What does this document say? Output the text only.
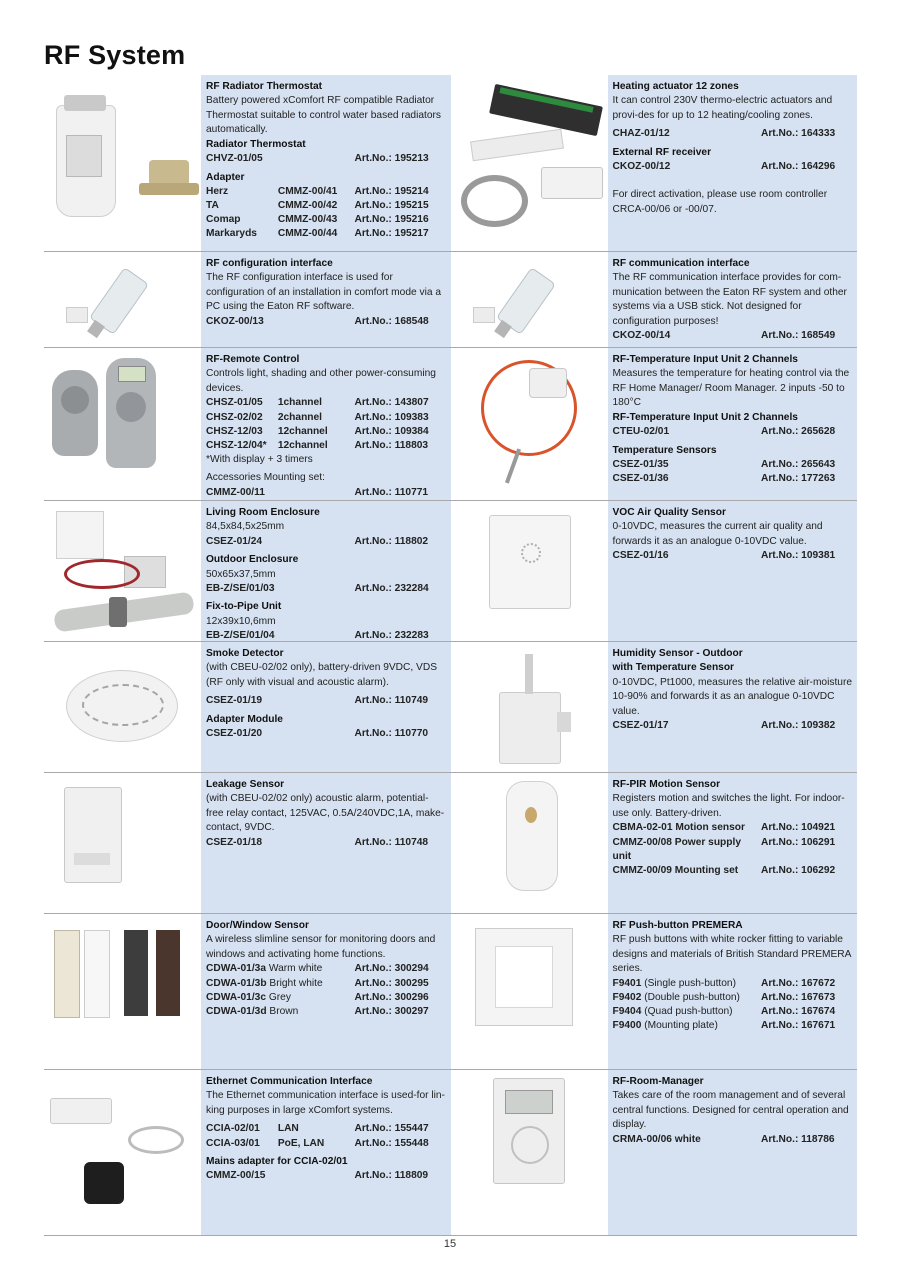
RF System
RF Radiator Thermostat
Battery powered xComfort RF compatible Radiator Thermostat suitable to control water based radiators automatically.
Radiator Thermostat
CHVZ-01/05	Art.No.: 195213
Adapter
Herz	CMMZ-00/41	Art.No.: 195214
TA	CMMZ-00/42	Art.No.: 195215
Comap	CMMZ-00/43	Art.No.: 195216
Markaryds	CMMZ-00/44	Art.No.: 195217
Heating actuator 12 zones
It can control 230V thermo-electric actuators and provi-des for up to 12 heating/cooling zones.
CHAZ-01/12	Art.No.: 164333
External RF receiver
CKOZ-00/12	Art.No.: 164296
For direct activation, please use room controller CRCA-00/06 or -00/07.
RF configuration interface
The RF configuration interface is used for configuration of an installation in comfort mode via a PC using the Eaton RF software.
CKOZ-00/13	Art.No.: 168548
RF communication interface
The RF communication interface provides for com-munication between the Eaton RF system and other systems via a USB stick. Not designed for configuration purposes!
CKOZ-00/14	Art.No.: 168549
RF-Remote Control
Controls light, shading and other power-consuming devices.
CHSZ-01/05	1channel	Art.No.: 143807
CHSZ-02/02	2channel	Art.No.: 109383
CHSZ-12/03	12channel	Art.No.: 109384
CHSZ-12/04*	12channel	Art.No.: 118803
*With display + 3 timers
Accessories Mounting set:
CMMZ-00/11	Art.No.: 110771
RF-Temperature Input Unit 2 Channels
Measures the temperature for heating control via the RF Home Manager/ Room Manager. 2 inputs -50 to 180°C
RF-Temperature Input Unit 2 Channels
CTEU-02/01	Art.No.: 265628
Temperature Sensors
CSEZ-01/35	Art.No.: 265643
CSEZ-01/36	Art.No.: 177263
Living Room Enclosure
84,5x84,5x25mm
CSEZ-01/24	Art.No.: 118802
Outdoor Enclosure
50x65x37,5mm
EB-Z/SE/01/03	Art.No.: 232284
Fix-to-Pipe Unit
12x39x10,6mm
EB-Z/SE/01/04	Art.No.: 232283
VOC Air Quality Sensor
0-10VDC, measures the current air quality and forwards it as an analogue 0-10VDC value.
CSEZ-01/16	Art.No.: 109381
Smoke Detector
(with CBEU-02/02 only), battery-driven 9VDC, VDS (RF only with visual and acoustic alarm).
CSEZ-01/19	Art.No.: 110749
Adapter Module
CSEZ-01/20	Art.No.: 110770
Humidity Sensor - Outdoor
with Temperature Sensor
0-10VDC, Pt1000, measures the relative air-moisture 10-90% and forwards it as an analogue 0-10VDC value.
CSEZ-01/17	Art.No.: 109382
Leakage Sensor
(with CBEU-02/02 only) acoustic alarm, potential-free relay contact, 125VAC, 0.5A/240VDC,1A, make-contact, 9VDC.
CSEZ-01/18	Art.No.: 110748
RF-PIR Motion Sensor
Registers motion and switches the light. For indoor-use only. Battery-driven.
CBMA-02-01 Motion sensor	Art.No.: 104921
CMMZ-00/08 Power supply unit	Art.No.: 106291
CMMZ-00/09 Mounting set	Art.No.: 106292
Door/Window Sensor
A wireless slimline sensor for monitoring doors and windows and activating home functions.
CDWA-01/3a Warm white	Art.No.: 300294
CDWA-01/3b Bright white	Art.No.: 300295
CDWA-01/3c Grey	Art.No.: 300296
CDWA-01/3d Brown	Art.No.: 300297
RF Push-button PREMERA
RF push buttons with white rocker fitting to variable designs and materials of British Standard PREMERA series.
F9401 (Single push-button)	Art.No.: 167672
F9402 (Double push-button)	Art.No.: 167673
F9404 (Quad push-button)	Art.No.: 167674
F9400 (Mounting plate)	Art.No.: 167671
Ethernet Communication Interface
The Ethernet communication interface is used-for lin-king purposes in large xComfort systems.
CCIA-02/01	LAN	Art.No.: 155447
CCIA-03/01	PoE, LAN	Art.No.: 155448
Mains adapter for CCIA-02/01
CMMZ-00/15	Art.No.: 118809
RF-Room-Manager
Takes care of the room management and of several central functions. Designed for central operation and display.
CRMA-00/06 white	Art.No.: 118786
15
